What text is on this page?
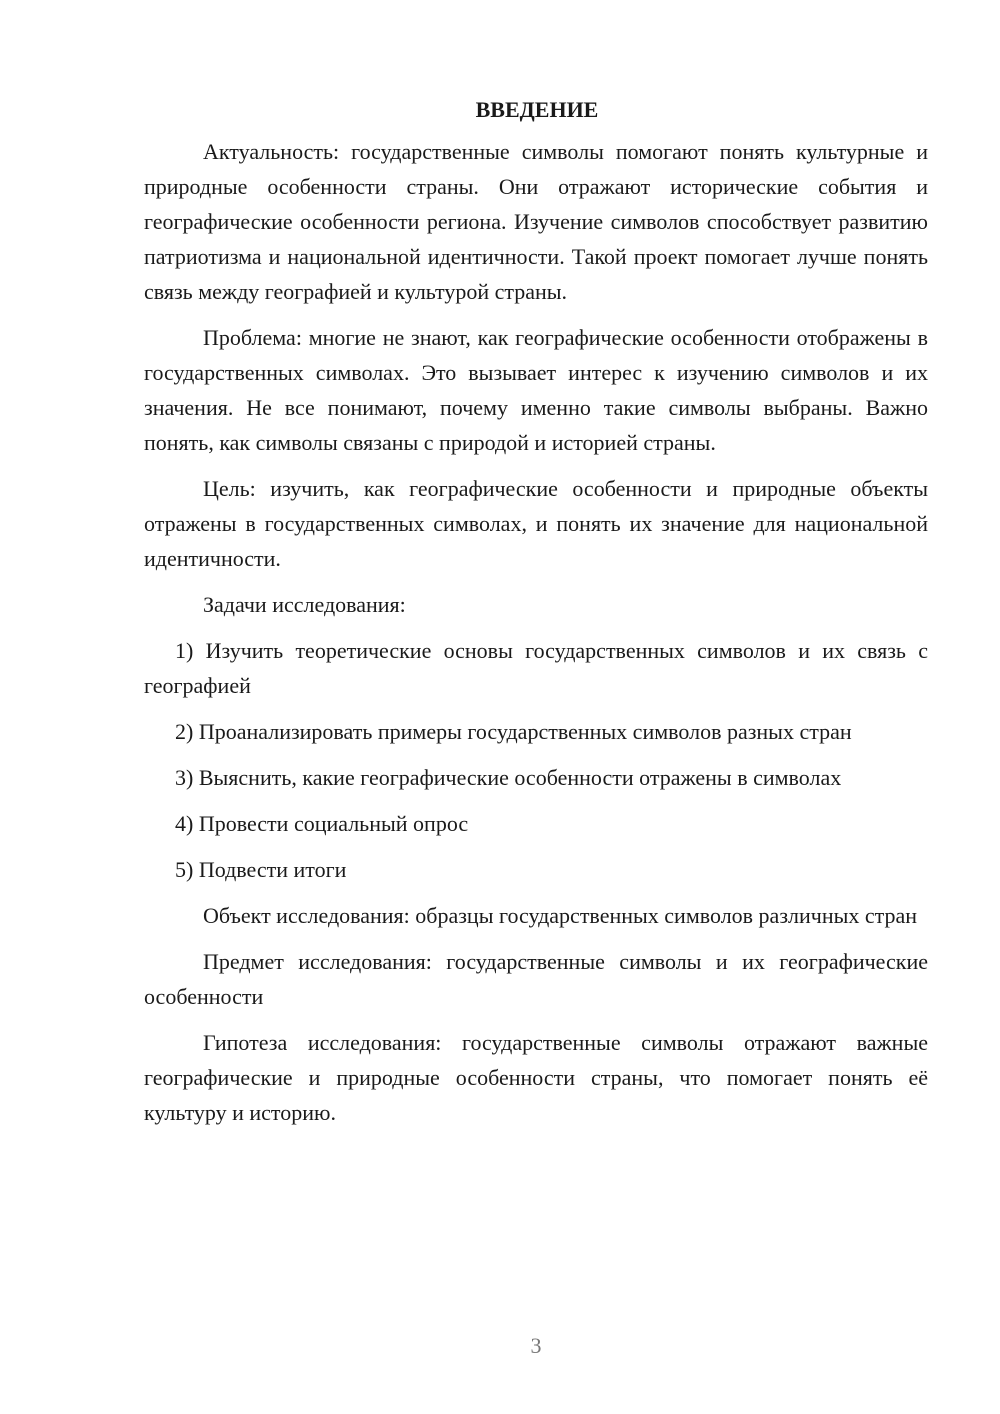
ВВЕДЕНИЕ

Актуальность: государственные символы помогают понять культурные и природные особенности страны. Они отражают исторические события и географические особенности региона. Изучение символов способствует развитию патриотизма и национальной идентичности. Такой проект помогает лучше понять связь между географией и культурой страны.

Проблема: многие не знают, как географические особенности отображены в государственных символах. Это вызывает интерес к изучению символов и их значения. Не все понимают, почему именно такие символы выбраны. Важно понять, как символы связаны с природой и историей страны.

Цель: изучить, как географические особенности и природные объекты отражены в государственных символах, и понять их значение для национальной идентичности.

Задачи исследования:

1) Изучить теоретические основы государственных символов и их связь с географией

2) Проанализировать примеры государственных символов разных стран

3) Выяснить, какие географические особенности отражены в символах

4) Провести социальный опрос

5) Подвести итоги

Объект исследования: образцы государственных символов различных стран

Предмет исследования: государственные символы и их географические особенности

Гипотеза исследования: государственные символы отражают важные географические и природные особенности страны, что помогает понять её культуру и историю.

3
